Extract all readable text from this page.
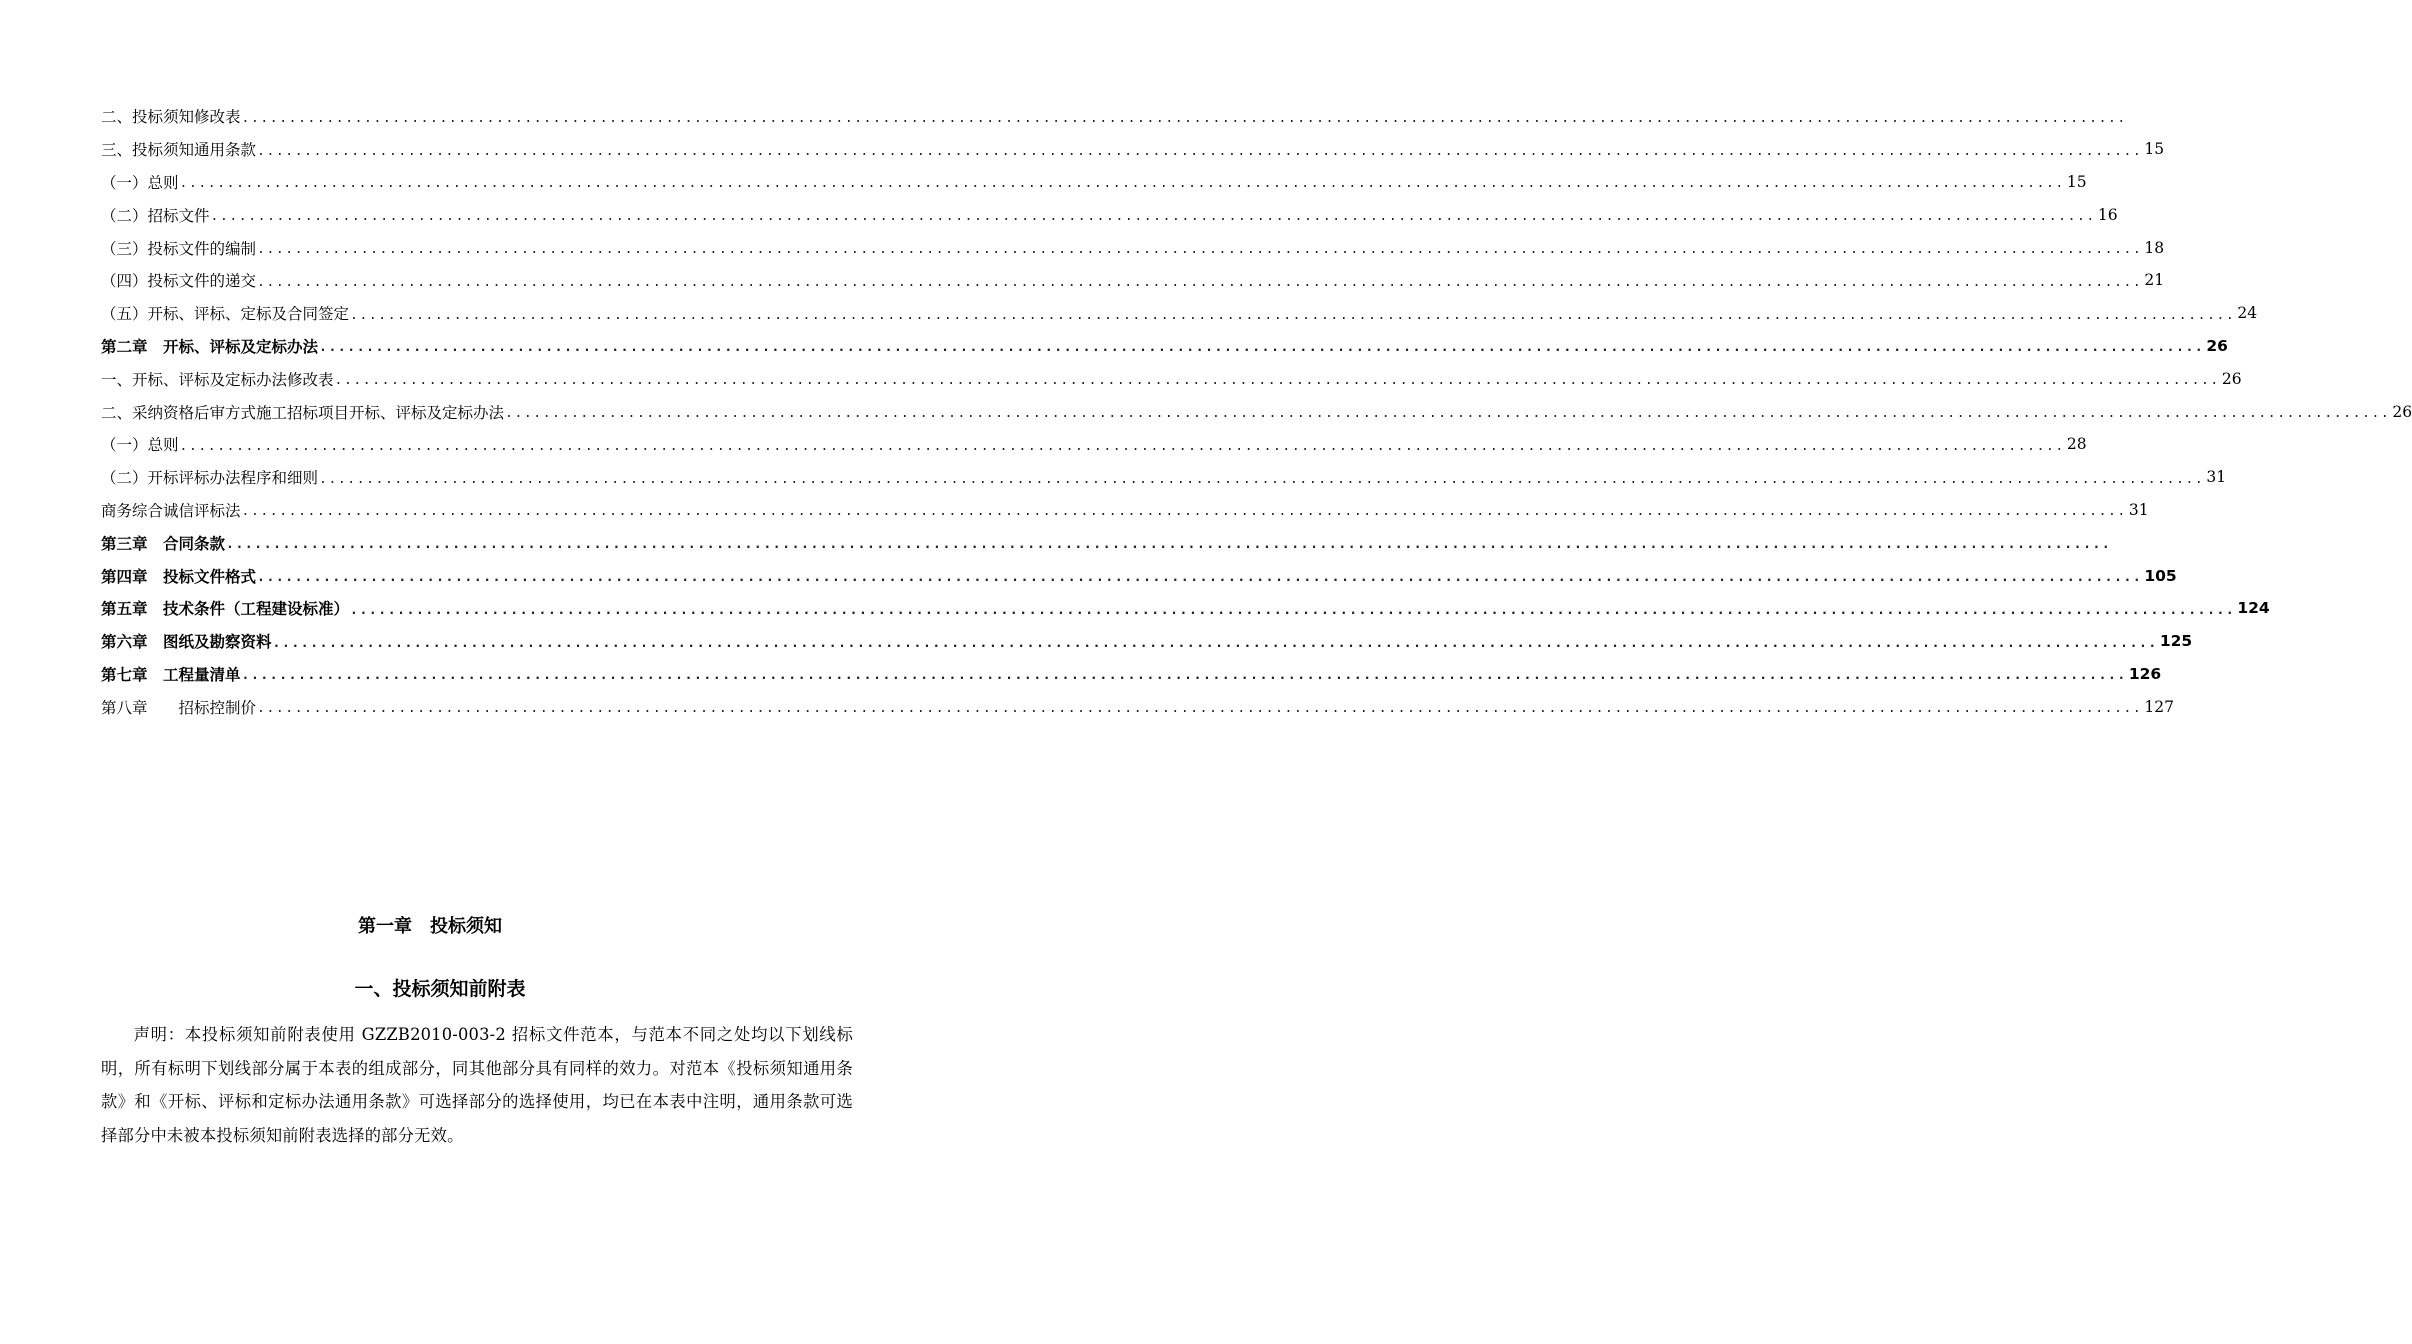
二、投标须知修改表 ........................................................................................................................................................................................................
三、投标须知通用条款 ........................................................................................................................................................................................................ 15
（一）总则 ........................................................................................................................................................................................................ 15
（二）招标文件 ........................................................................................................................................................................................................ 16
（三）投标文件的编制 ........................................................................................................................................................................................................ 18
（四）投标文件的递交 ........................................................................................................................................................................................................ 21
（五）开标、评标、定标及合同签定 ........................................................................................................................................................................................................ 24
第二章　开标、评标及定标办法 ........................................................................................................................................................................................................ 26
一、开标、评标及定标办法修改表 ........................................................................................................................................................................................................ 26
二、采纳资格后审方式施工招标项目开标、评标及定标办法 ........................................................................................................................................................................................................ 26
（一）总则 ........................................................................................................................................................................................................ 28
（二）开标评标办法程序和细则 ........................................................................................................................................................................................................ 31
商务综合诚信评标法 ........................................................................................................................................................................................................ 31
第三章　合同条款 ........................................................................................................................................................................................................
第四章　投标文件格式 ........................................................................................................................................................................................................ 105
第五章　技术条件（工程建设标准） ........................................................................................................................................................................................................ 124
第六章　图纸及勘察资料 ........................................................................................................................................................................................................ 125
第七章　工程量清单 ........................................................................................................................................................................................................ 126
第八章　　招标控制价 ........................................................................................................................................................................................................ 127
第一章　投标须知
一、投标须知前附表
声明：本投标须知前附表使用 GZZB2010-003-2 招标文件范本，与范本不同之处均以下划线标明，所有标明下划线部分属于本表的组成部分，同其他部分具有同样的效力。对范本《投标须知通用条款》和《开标、评标和定标办法通用条款》可选择部分的选择使用，均已在本表中注明，通用条款可选择部分中未被本投标须知前附表选择的部分无效。
